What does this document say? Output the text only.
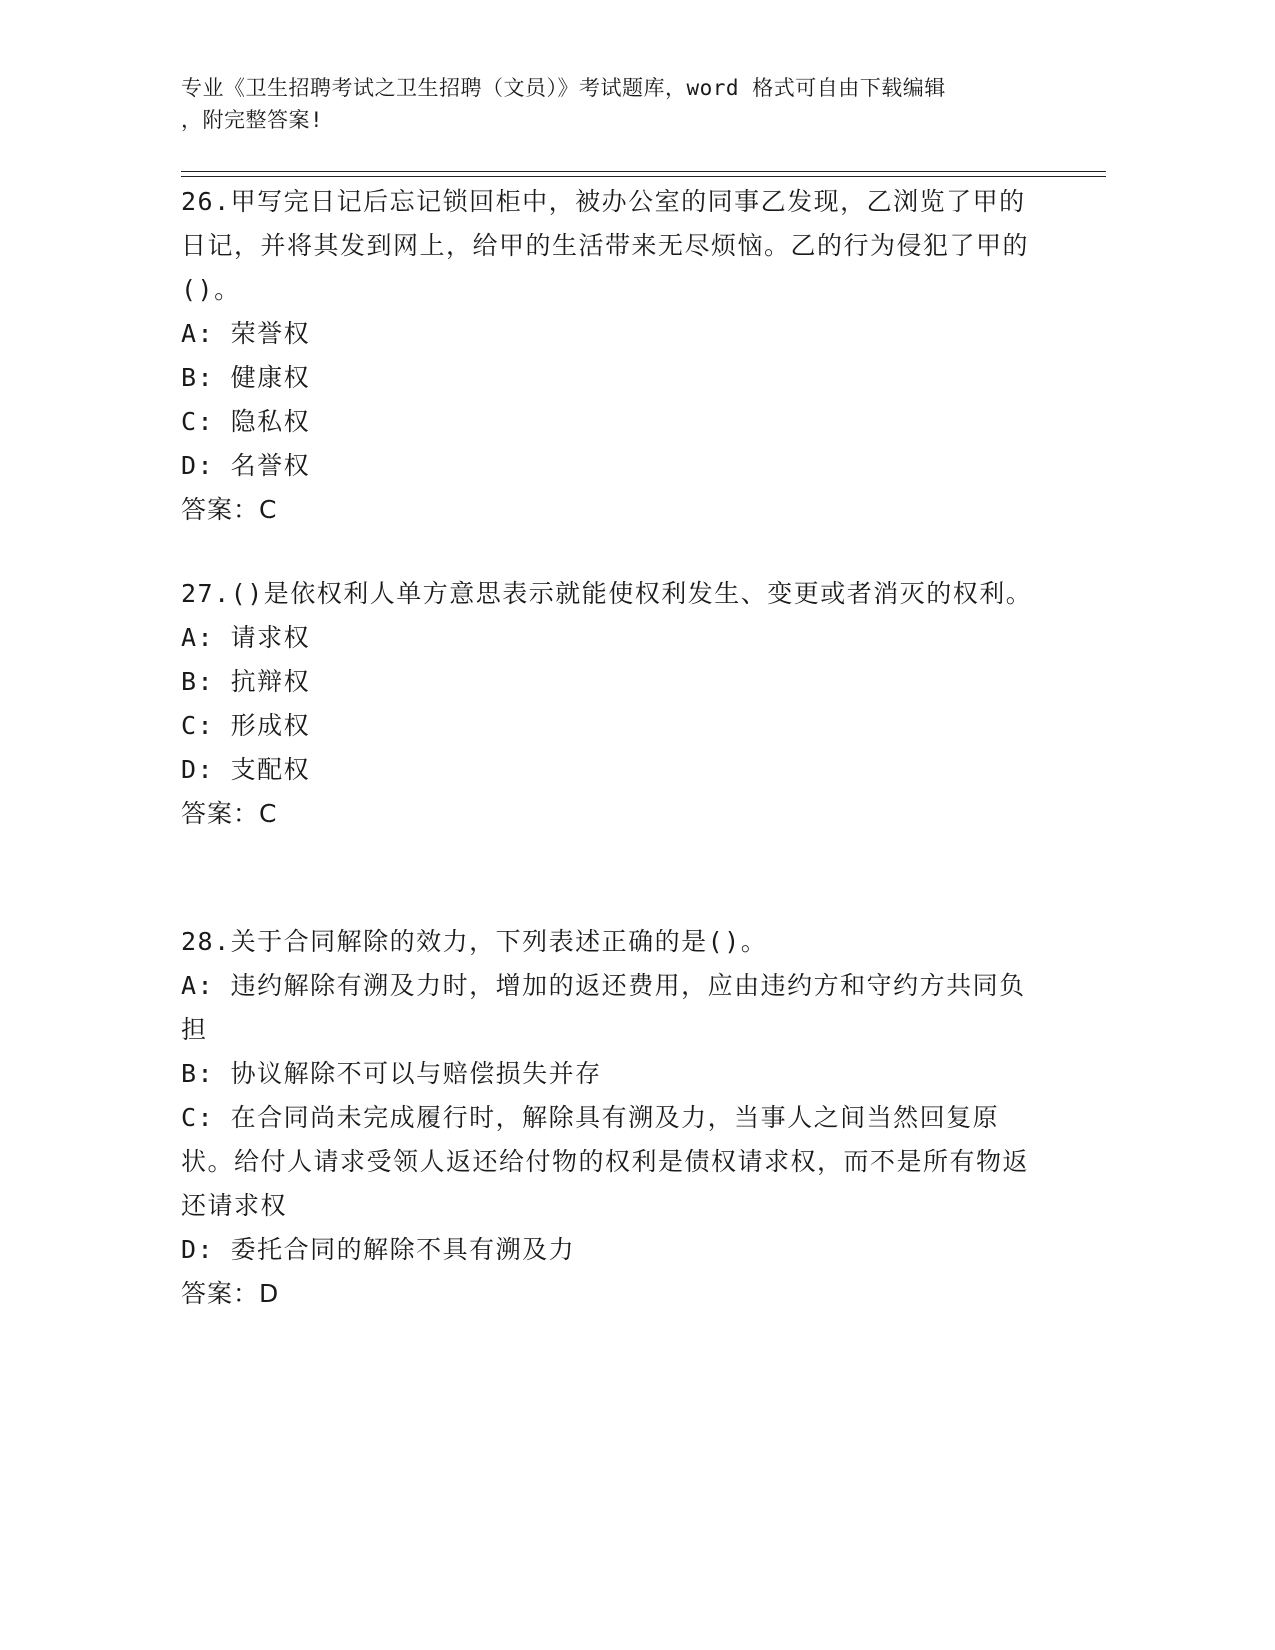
专业《卫生招聘考试之卫生招聘（文员）》考试题库，word 格式可自由下载编辑
，附完整答案!

26.甲写完日记后忘记锁回柜中，被办公室的同事乙发现，乙浏览了甲的日记，并将其发到网上，给甲的生活带来无尽烦恼。乙的行为侵犯了甲的()。

A: 荣誉权

B: 健康权

C: 隐私权

D: 名誉权

答案：C

27.()是依权利人单方意思表示就能使权利发生、变更或者消灭的权利。

A: 请求权

B: 抗辩权

C: 形成权

D: 支配权

答案：C

28.关于合同解除的效力，下列表述正确的是()。

A: 违约解除有溯及力时，增加的返还费用，应由违约方和守约方共同负担

B: 协议解除不可以与赔偿损失并存

C: 在合同尚未完成履行时，解除具有溯及力，当事人之间当然回复原状。给付人请求受领人返还给付物的权利是债权请求权，而不是所有物返还请求权

D: 委托合同的解除不具有溯及力

答案：D
